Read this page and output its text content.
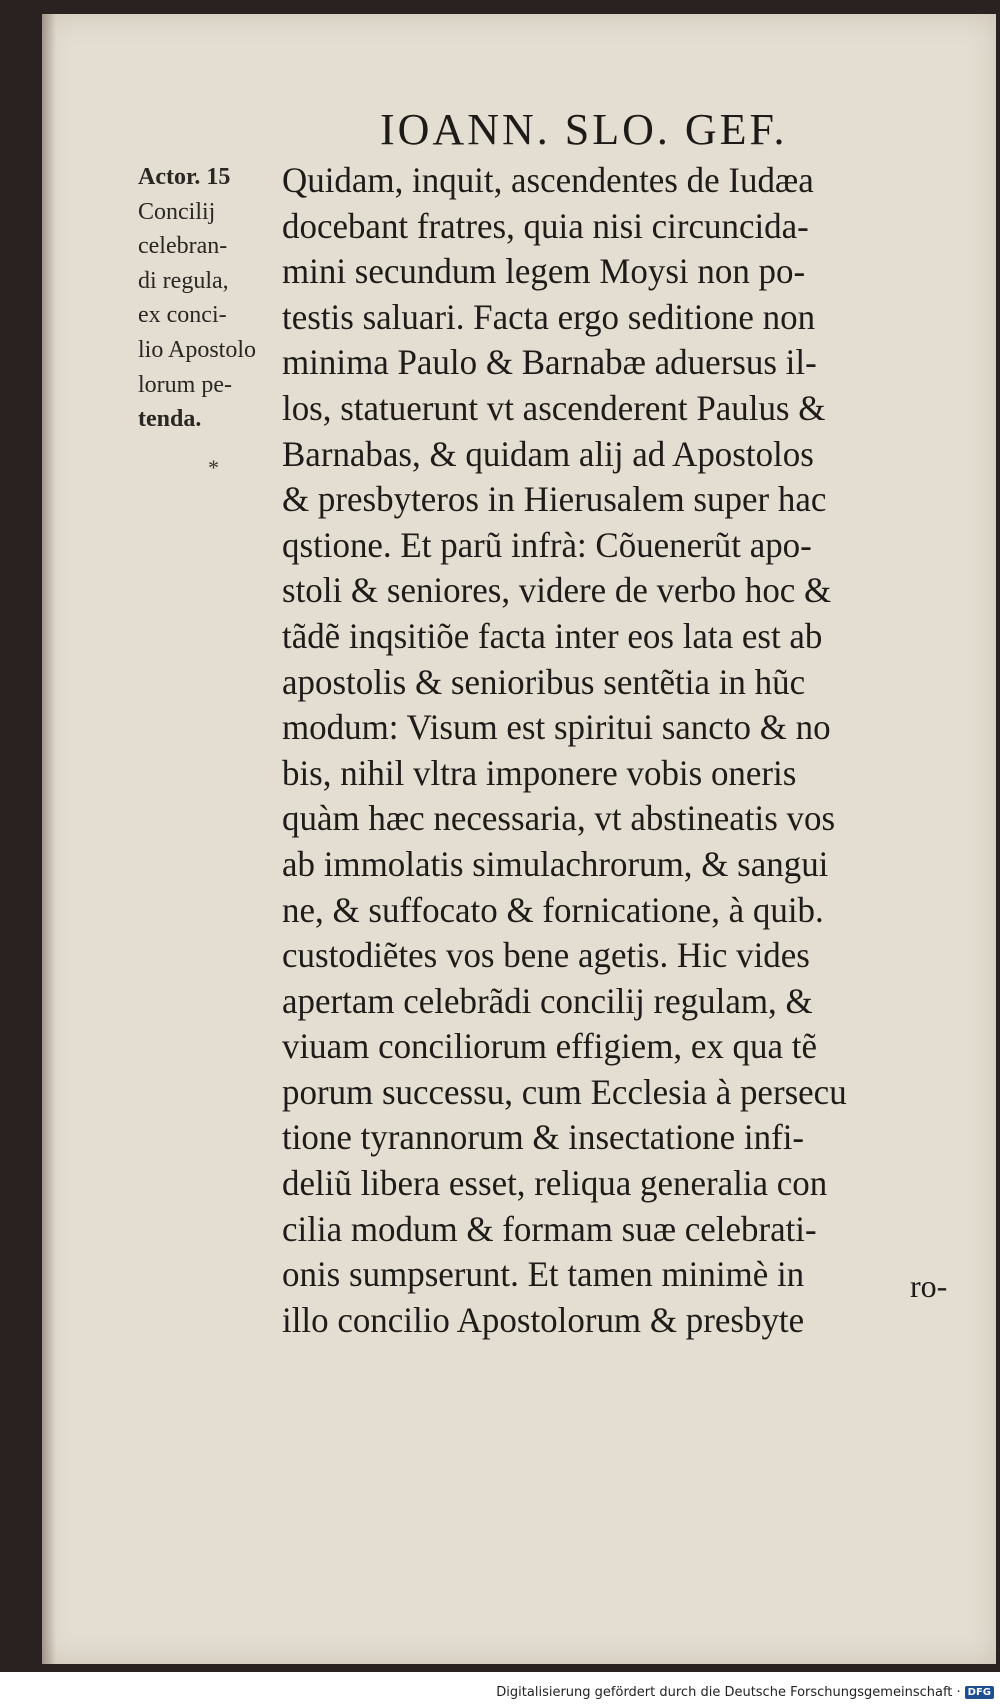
IOANN. SLO. GEF.
Actor. 15
Concilij
celebran-
di regula,
ex conci-
lio Apostolo
lorum pe-
tenda.
*
Quidam, inquit, ascendentes de Iudæa
docebant fratres, quia nisi circuncida-
mini secundum legem Moysi non po-
testis saluari. Facta ergo seditione non
minima Paulo & Barnabæ aduersus il-
los, statuerunt vt ascenderent Paulus &
Barnabas, & quidam alij ad Apostolos
& presbyteros in Hierusalem super hac
qstione. Et parũ infrà: Cõuenerũt apo-
stoli & seniores, videre de verbo hoc &
tãdẽ inqsitiõe facta inter eos lata est ab
apostolis & senioribus sentẽtia in hũc
modum: Visum est spiritui sancto & no
bis, nihil vltra imponere vobis oneris
quàm hæc necessaria, vt abstineatis vos
ab immolatis simulachrorum, & sangui
ne, & suffocato & fornicatione, à quib.
custodiẽtes vos bene agetis. Hic vides
apertam celebrãdi concilij regulam, &
viuam conciliorum effigiem, ex qua tẽ
porum successu, cum Ecclesia à persecu
tione tyrannorum & insectatione infi-
deliũ libera esset, reliqua generalia con
cilia modum & formam suæ celebrati-
onis sumpserunt. Et tamen minimè in
illo concilio Apostolorum & presbyte
ro-
Digitalisierung gefördert durch die Deutsche Forschungsgemeinschaft · DFG
